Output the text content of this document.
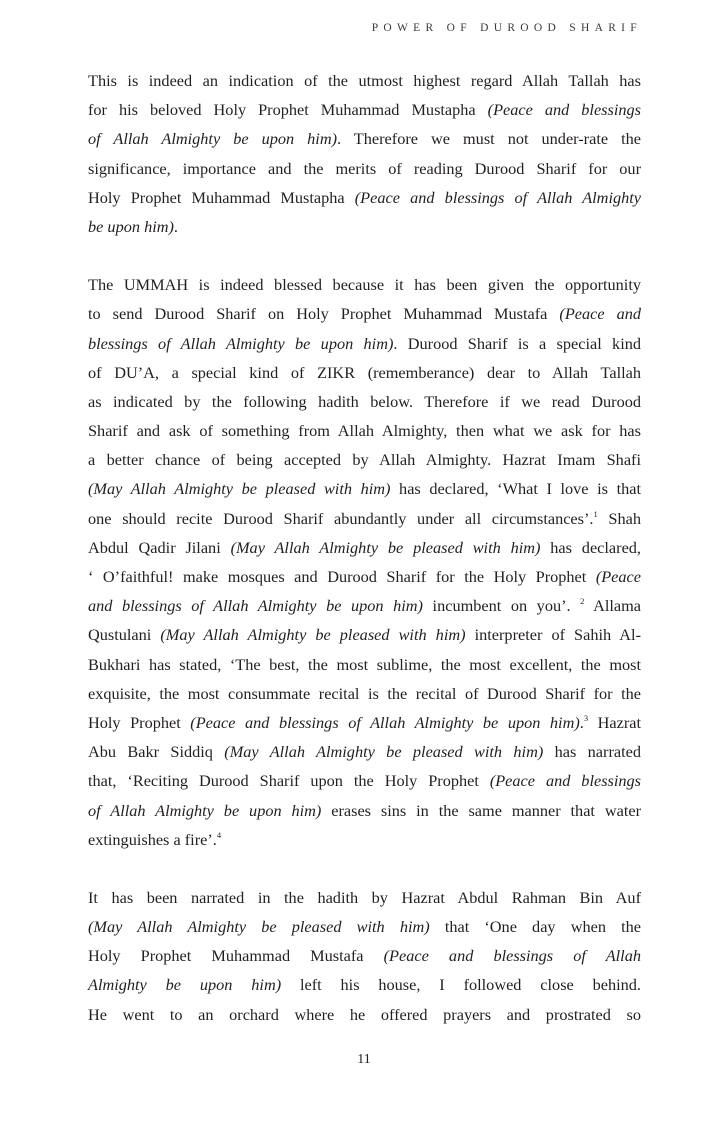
POWER OF DUROOD SHARIF
This is indeed an indication of the utmost highest regard Allah Tallah has
for his beloved Holy Prophet Muhammad Mustapha (Peace and blessings
of Allah Almighty be upon him). Therefore we must not under-rate the
significance, importance and the merits of reading Durood Sharif for our
Holy Prophet Muhammad Mustapha (Peace and blessings of Allah Almighty
be upon him).
The UMMAH is indeed blessed because it has been given the opportunity
to send Durood Sharif on Holy Prophet Muhammad Mustafa (Peace and
blessings of Allah Almighty be upon him). Durood Sharif is a special kind
of DU’A, a special kind of ZIKR (rememberance) dear to Allah Tallah
as indicated by the following hadith below. Therefore if we read Durood
Sharif and ask of something from Allah Almighty, then what we ask for has
a better chance of being accepted by Allah Almighty. Hazrat Imam Shafi
(May Allah Almighty be pleased with him) has declared, ‘What I love is that
one should recite Durood Sharif abundantly under all circumstances’.$^1$ Shah
Abdul Qadir Jilani (May Allah Almighty be pleased with him) has declared,
‘ O’faithful! make mosques and Durood Sharif for the Holy Prophet (Peace
and blessings of Allah Almighty be upon him) incumbent on you’. $^2$ Allama
Qustulani (May Allah Almighty be pleased with him) interpreter of Sahih Al-
Bukhari has stated, ‘The best, the most sublime, the most excellent, the most
exquisite, the most consummate recital is the recital of Durood Sharif for the
Holy Prophet (Peace and blessings of Allah Almighty be upon him).$^3$ Hazrat
Abu Bakr Siddiq (May Allah Almighty be pleased with him) has narrated
that, ‘Reciting Durood Sharif upon the Holy Prophet (Peace and blessings
of Allah Almighty be upon him) erases sins in the same manner that water
extinguishes a fire’.$^4$
It has been narrated in the hadith by Hazrat Abdul Rahman Bin Auf
(May Allah Almighty be pleased with him) that ‘One day when the
Holy Prophet Muhammad Mustafa (Peace and blessings of Allah
Almighty be upon him) left his house, I followed close behind.
He went to an orchard where he offered prayers and prostrated so
11
